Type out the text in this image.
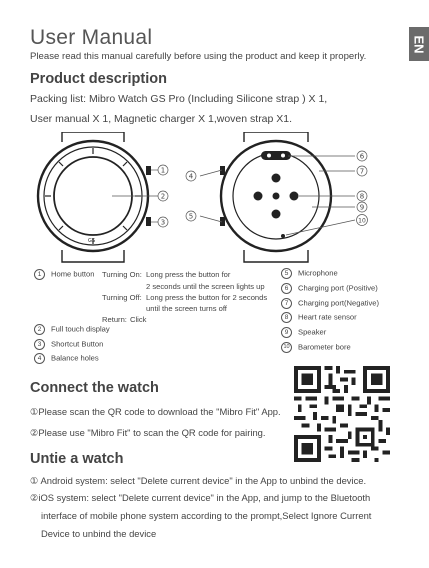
User Manual
Please read this manual carefully before using the product and keep it properly.
EN
Product description
Packing list: Mibro Watch GS Pro (Including Silicone strap ) X 1,
User manual X 1, Magnetic charger X 1,woven strap X1.
GS
1
2
3
4
5
6
7
8
9
10
1 Home button Turning On: Long press the button for
2 seconds until the screen lights up
Turning Off: Long press the button for 2 seconds
until the screen turns off
Return: Click
2 Full touch display
3 Shortcut Button
4 Balance holes
5 Microphone
6 Charging port (Positive)
7 Charging port(Negative)
8 Heart rate sensor
9 Speaker
10 Barometer bore
Connect the watch
①Please scan the QR code to download the "Mibro Fit" App.
②Please use "Mibro Fit" to scan the QR code for pairing.
Untie a watch
① Android system: select "Delete current device" in the App to unbind the device.
②iOS system: select "Delete current device" in the App, and jump to the Bluetooth
interface of mobile phone system according to the prompt,Select Ignore Current
Device to unbind the device
